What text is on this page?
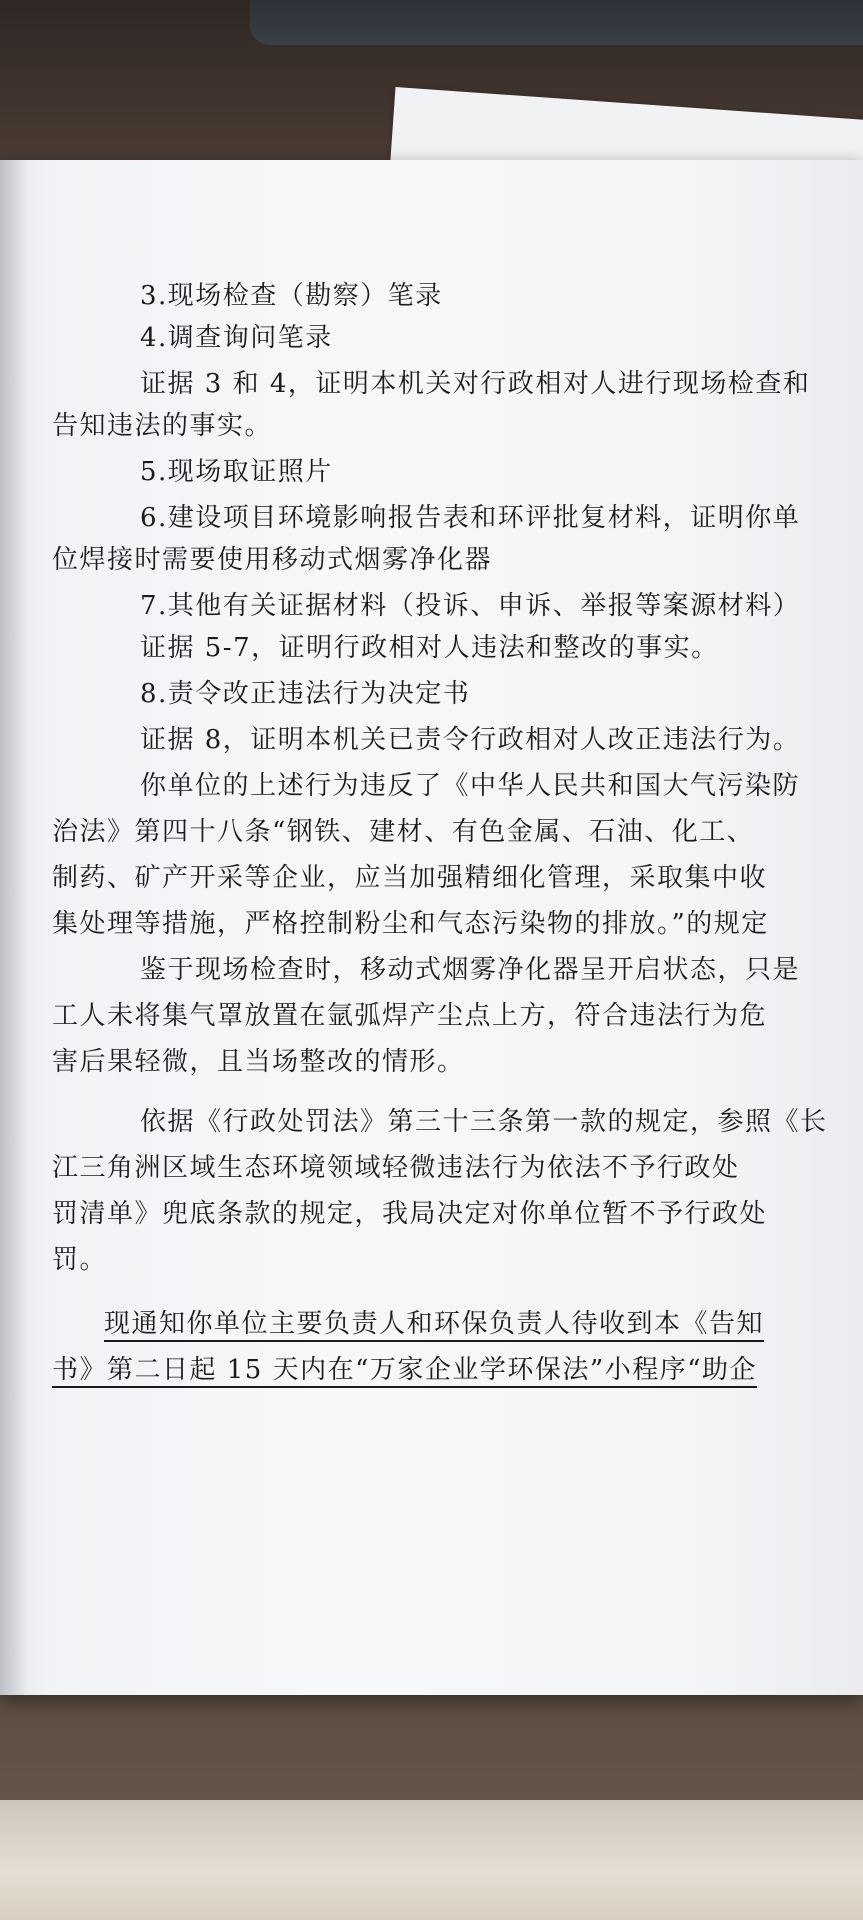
3.现场检查（勘察）笔录
4.调查询问笔录
证据 3 和 4，证明本机关对行政相对人进行现场检查和
告知违法的事实。
5.现场取证照片
6.建设项目环境影响报告表和环评批复材料，证明你单
位焊接时需要使用移动式烟雾净化器
7.其他有关证据材料（投诉、申诉、举报等案源材料）
证据 5-7，证明行政相对人违法和整改的事实。
8.责令改正违法行为决定书
证据 8，证明本机关已责令行政相对人改正违法行为。
你单位的上述行为违反了《中华人民共和国大气污染防
治法》第四十八条“钢铁、建材、有色金属、石油、化工、
制药、矿产开采等企业，应当加强精细化管理，采取集中收
集处理等措施，严格控制粉尘和气态污染物的排放。”的规定
鉴于现场检查时，移动式烟雾净化器呈开启状态，只是
工人未将集气罩放置在氩弧焊产尘点上方，符合违法行为危
害后果轻微，且当场整改的情形。
依据《行政处罚法》第三十三条第一款的规定，参照《长
江三角洲区域生态环境领域轻微违法行为依法不予行政处
罚清单》兜底条款的规定，我局决定对你单位暂不予行政处
罚。
现通知你单位主要负责人和环保负责人待收到本《告知
书》第二日起 15 天内在“万家企业学环保法”小程序“助企
